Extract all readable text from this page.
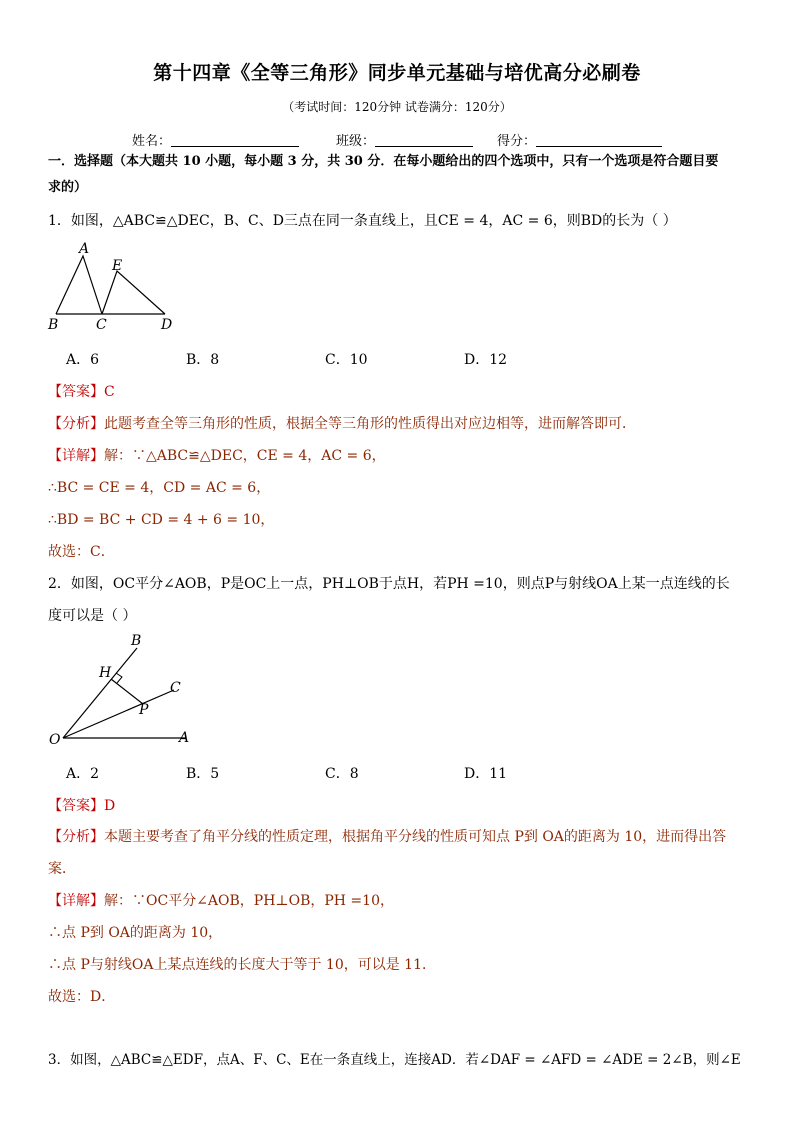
第十四章《全等三角形》同步单元基础与培优高分必刷卷
（考试时间：120分钟 试卷满分：120分）
姓名：	班级：	得分：
一．选择题（本大题共 10 小题，每小题 3 分，共 30 分．在每小题给出的四个选项中，只有一个选项是符合题目要
求的）
1．如图，△ABC≌△DEC，B、C、D三点在同一条直线上，且CE = 4，AC = 6，则BD的长为（ ）
A
B	C	D
E
A．6	B．8	C．10	D．12
【答案】C
【分析】此题考查全等三角形的性质，根据全等三角形的性质得出对应边相等，进而解答即可．
【详解】解：∵△ABC≌△DEC，CE = 4，AC = 6，
∴BC = CE = 4，CD = AC = 6，
∴BD = BC + CD = 4 + 6 = 10，
故选：C．
2．如图，OC平分∠AOB，P是OC上一点，PH⊥OB于点H，若PH =10，则点P与射线OA上某一点连线的长
度可以是（ ）
O	A
B
C
H
P
A．2	B．5	C．8	D．11
【答案】D
【分析】本题主要考查了角平分线的性质定理，根据角平分线的性质可知点 P到 OA的距离为 10，进而得出答
案．
【详解】解：∵OC平分∠AOB，PH⊥OB，PH =10，
∴点 P到 OA的距离为 10，
∴点 P与射线OA上某点连线的长度大于等于 10，可以是 11．
故选：D．
3．如图，△ABC≌△EDF，点A、F、C、E在一条直线上，连接AD．若∠DAF = ∠AFD = ∠ADE = 2∠B，则∠E
